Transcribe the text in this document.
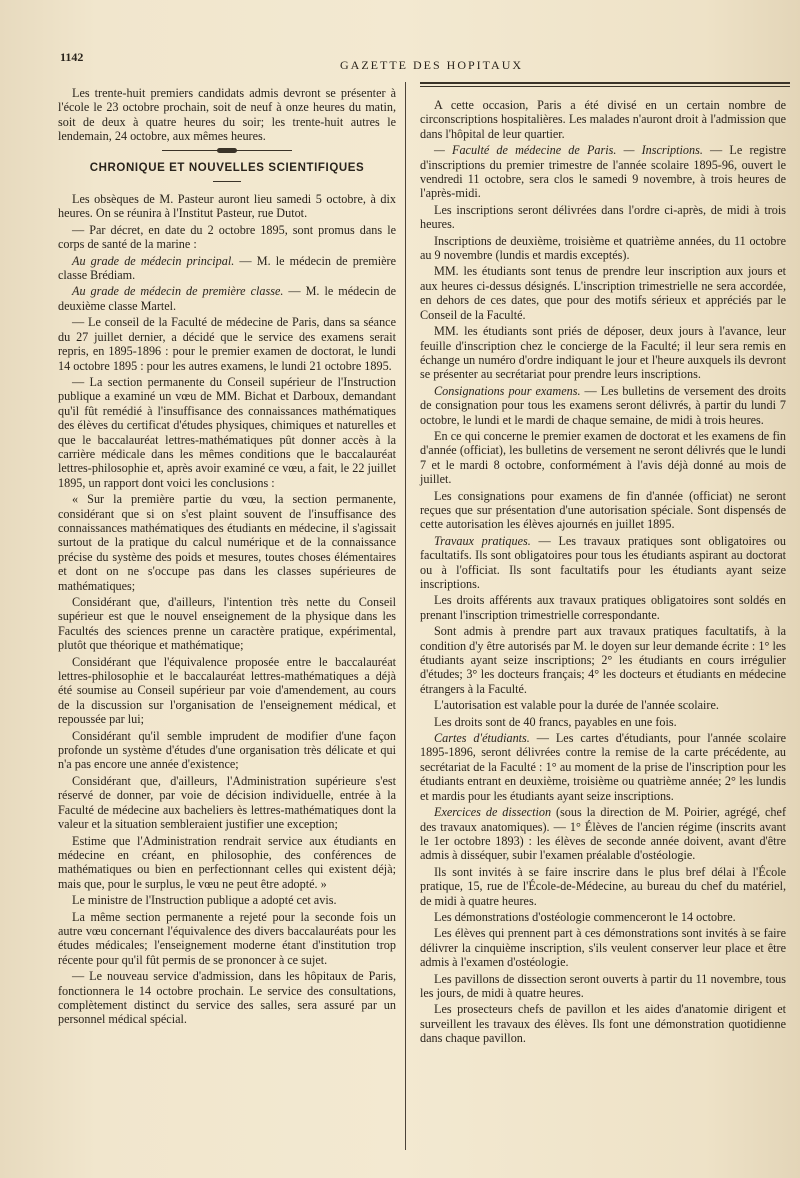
1142
GAZETTE DES HOPITAUX

Les trente-huit premiers candidats admis devront se présenter à l'école le 23 octobre prochain, soit de neuf à onze heures du matin, soit de deux à quatre heures du soir; les trente-huit autres le lendemain, 24 octobre, aux mêmes heures.

CHRONIQUE ET NOUVELLES SCIENTIFIQUES

Les obsèques de M. Pasteur auront lieu samedi 5 octobre, à dix heures. On se réunira à l'Institut Pasteur, rue Dutot.

— Par décret, en date du 2 octobre 1895, sont promus dans le corps de santé de la marine :

Au grade de médecin principal. — M. le médecin de première classe Brédiam.

Au grade de médecin de première classe. — M. le médecin de deuxième classe Martel.

— Le conseil de la Faculté de médecine de Paris, dans sa séance du 27 juillet dernier, a décidé que le service des examens serait repris, en 1895-1896 : pour le premier examen de doctorat, le lundi 14 octobre 1895 : pour les autres examens, le lundi 21 octobre 1895.

— La section permanente du Conseil supérieur de l'Instruction publique a examiné un vœu de MM. Bichat et Darboux, demandant qu'il fût remédié à l'insuffisance des connaissances mathématiques des élèves du certificat d'études physiques, chimiques et naturelles et que le baccalauréat lettres-mathématiques pût donner accès à la carrière médicale dans les mêmes conditions que le baccalauréat lettres-philosophie et, après avoir examiné ce vœu, a fait, le 22 juillet 1895, un rapport dont voici les conclusions :

« Sur la première partie du vœu, la section permanente, considérant que si on s'est plaint souvent de l'insuffisance des connaissances mathématiques des étudiants en médecine, il s'agissait surtout de la pratique du calcul numérique et de la connaissance précise du système des poids et mesures, toutes choses élémentaires et dont on ne s'occupe pas dans les classes supérieures de mathématiques;

Considérant que, d'ailleurs, l'intention très nette du Conseil supérieur est que le nouvel enseignement de la physique dans les Facultés des sciences prenne un caractère pratique, expérimental, plutôt que théorique et mathématique;

Considérant que l'équivalence proposée entre le baccalauréat lettres-philosophie et le baccalauréat lettres-mathématiques a déjà été soumise au Conseil supérieur par voie d'amendement, au cours de la discussion sur l'organisation de l'enseignement médical, et repoussée par lui;

Considérant qu'il semble imprudent de modifier d'une façon profonde un système d'études d'une organisation très délicate et qui n'a pas encore une année d'existence;

Considérant que, d'ailleurs, l'Administration supérieure s'est réservé de donner, par voie de décision individuelle, entrée à la Faculté de médecine aux bacheliers ès lettres-mathématiques dont la valeur et la situation sembleraient justifier une exception;

Estime que l'Administration rendrait service aux étudiants en médecine en créant, en philosophie, des conférences de mathématiques ou bien en perfectionnant celles qui existent déjà; mais que, pour le surplus, le vœu ne peut être adopté. »

Le ministre de l'Instruction publique a adopté cet avis.

La même section permanente a rejeté pour la seconde fois un autre vœu concernant l'équivalence des divers baccalauréats pour les études médicales; l'enseignement moderne étant d'institution trop récente pour qu'il fût permis de se prononcer à ce sujet.

— Le nouveau service d'admission, dans les hôpitaux de Paris, fonctionnera le 14 octobre prochain. Le service des consultations, complètement distinct du service des salles, sera assuré par un personnel médical spécial.

A cette occasion, Paris a été divisé en un certain nombre de circonscriptions hospitalières. Les malades n'auront droit à l'admission que dans l'hôpital de leur quartier.

— Faculté de médecine de Paris. — Inscriptions. — Le registre d'inscriptions du premier trimestre de l'année scolaire 1895-96, ouvert le vendredi 11 octobre, sera clos le samedi 9 novembre, à trois heures de l'après-midi.

Les inscriptions seront délivrées dans l'ordre ci-après, de midi à trois heures.

Inscriptions de deuxième, troisième et quatrième années, du 11 octobre au 9 novembre (lundis et mardis exceptés).

MM. les étudiants sont tenus de prendre leur inscription aux jours et aux heures ci-dessus désignés. L'inscription trimestrielle ne sera accordée, en dehors de ces dates, que pour des motifs sérieux et appréciés par le Conseil de la Faculté.

MM. les étudiants sont priés de déposer, deux jours à l'avance, leur feuille d'inscription chez le concierge de la Faculté; il leur sera remis en échange un numéro d'ordre indiquant le jour et l'heure auxquels ils devront se présenter au secrétariat pour prendre leurs inscriptions.

Consignations pour examens. — Les bulletins de versement des droits de consignation pour tous les examens seront délivrés, à partir du lundi 7 octobre, le lundi et le mardi de chaque semaine, de midi à trois heures.

En ce qui concerne le premier examen de doctorat et les examens de fin d'année (officiat), les bulletins de versement ne seront délivrés que le lundi 7 et le mardi 8 octobre, conformément à l'avis déjà donné au mois de juillet.

Les consignations pour examens de fin d'année (officiat) ne seront reçues que sur présentation d'une autorisation spéciale. Sont dispensés de cette autorisation les élèves ajournés en juillet 1895.

Travaux pratiques. — Les travaux pratiques sont obligatoires ou facultatifs. Ils sont obligatoires pour tous les étudiants aspirant au doctorat ou à l'officiat. Ils sont facultatifs pour les étudiants ayant seize inscriptions.

Les droits afférents aux travaux pratiques obligatoires sont soldés en prenant l'inscription trimestrielle correspondante.

Sont admis à prendre part aux travaux pratiques facultatifs, à la condition d'y être autorisés par M. le doyen sur leur demande écrite : 1° les étudiants ayant seize inscriptions; 2° les étudiants en cours irrégulier d'études; 3° les docteurs français; 4° les docteurs et étudiants en médecine étrangers à la Faculté.

L'autorisation est valable pour la durée de l'année scolaire.

Les droits sont de 40 francs, payables en une fois.

Cartes d'étudiants. — Les cartes d'étudiants, pour l'année scolaire 1895-1896, seront délivrées contre la remise de la carte précédente, au secrétariat de la Faculté : 1° au moment de la prise de l'inscription pour les étudiants entrant en deuxième, troisième ou quatrième année; 2° les lundis et mardis pour les étudiants ayant seize inscriptions.

Exercices de dissection (sous la direction de M. Poirier, agrégé, chef des travaux anatomiques). — 1° Élèves de l'ancien régime (inscrits avant le 1er octobre 1893) : les élèves de seconde année doivent, avant d'être admis à disséquer, subir l'examen préalable d'ostéologie.

Ils sont invités à se faire inscrire dans le plus bref délai à l'École pratique, 15, rue de l'École-de-Médecine, au bureau du chef du matériel, de midi à quatre heures.

Les démonstrations d'ostéologie commenceront le 14 octobre.

Les élèves qui prennent part à ces démonstrations sont invités à se faire délivrer la cinquième inscription, s'ils veulent conserver leur place et être admis à l'examen d'ostéologie.

Les pavillons de dissection seront ouverts à partir du 11 novembre, tous les jours, de midi à quatre heures.

Les prosecteurs chefs de pavillon et les aides d'anatomie dirigent et surveillent les travaux des élèves. Ils font une démonstration quotidienne dans chaque pavillon.
